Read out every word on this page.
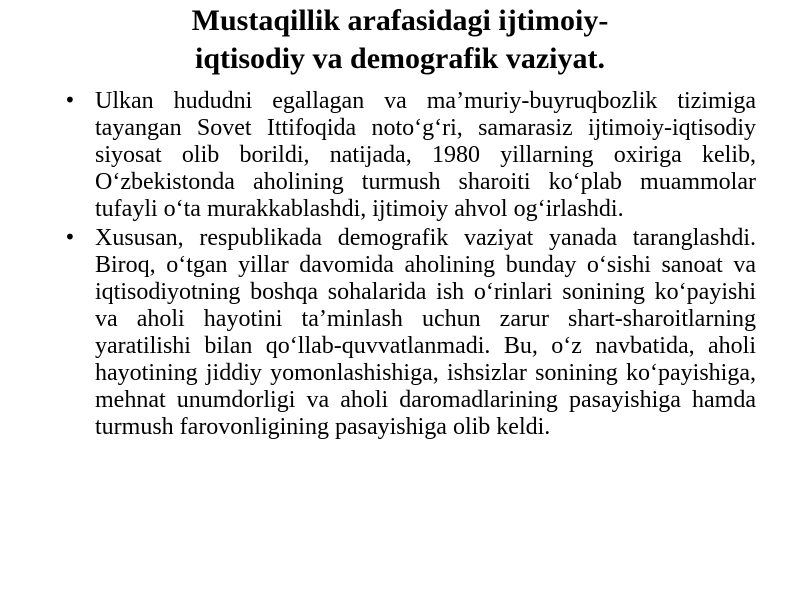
Mustaqillik arafasidagi ijtimoiy-
iqtisodiy va demografik vaziyat.
• Ulkan hududni egallagan va ma’muriy-buyruqbozlik tizimiga tayangan Sovet Ittifoqida noto‘g‘ri, samarasiz ijtimoiy-iqtisodiy siyosat olib borildi, natijada, 1980 yillarning oxiriga kelib, O‘zbekistonda aholining turmush sharoiti ko‘plab muammolar tufayli o‘ta murakkablashdi, ijtimoiy ahvol og‘irlashdi.
• Xususan, respublikada demografik vaziyat yanada taranglashdi. Biroq, o‘tgan yillar davomida aholining bunday o‘sishi sanoat va iqtisodiyotning boshqa sohalarida ish o‘rinlari sonining ko‘payishi va aholi hayotini ta’minlash uchun zarur shart-sharoitlarning yaratilishi bilan qo‘llab-quvvatlanmadi. Bu, o‘z navbatida, aholi hayotining jiddiy yomonlashishiga, ishsizlar sonining ko‘payishiga, mehnat unumdorligi va aholi daromadlarining pasayishiga hamda turmush farovonligining pasayishiga olib keldi.
